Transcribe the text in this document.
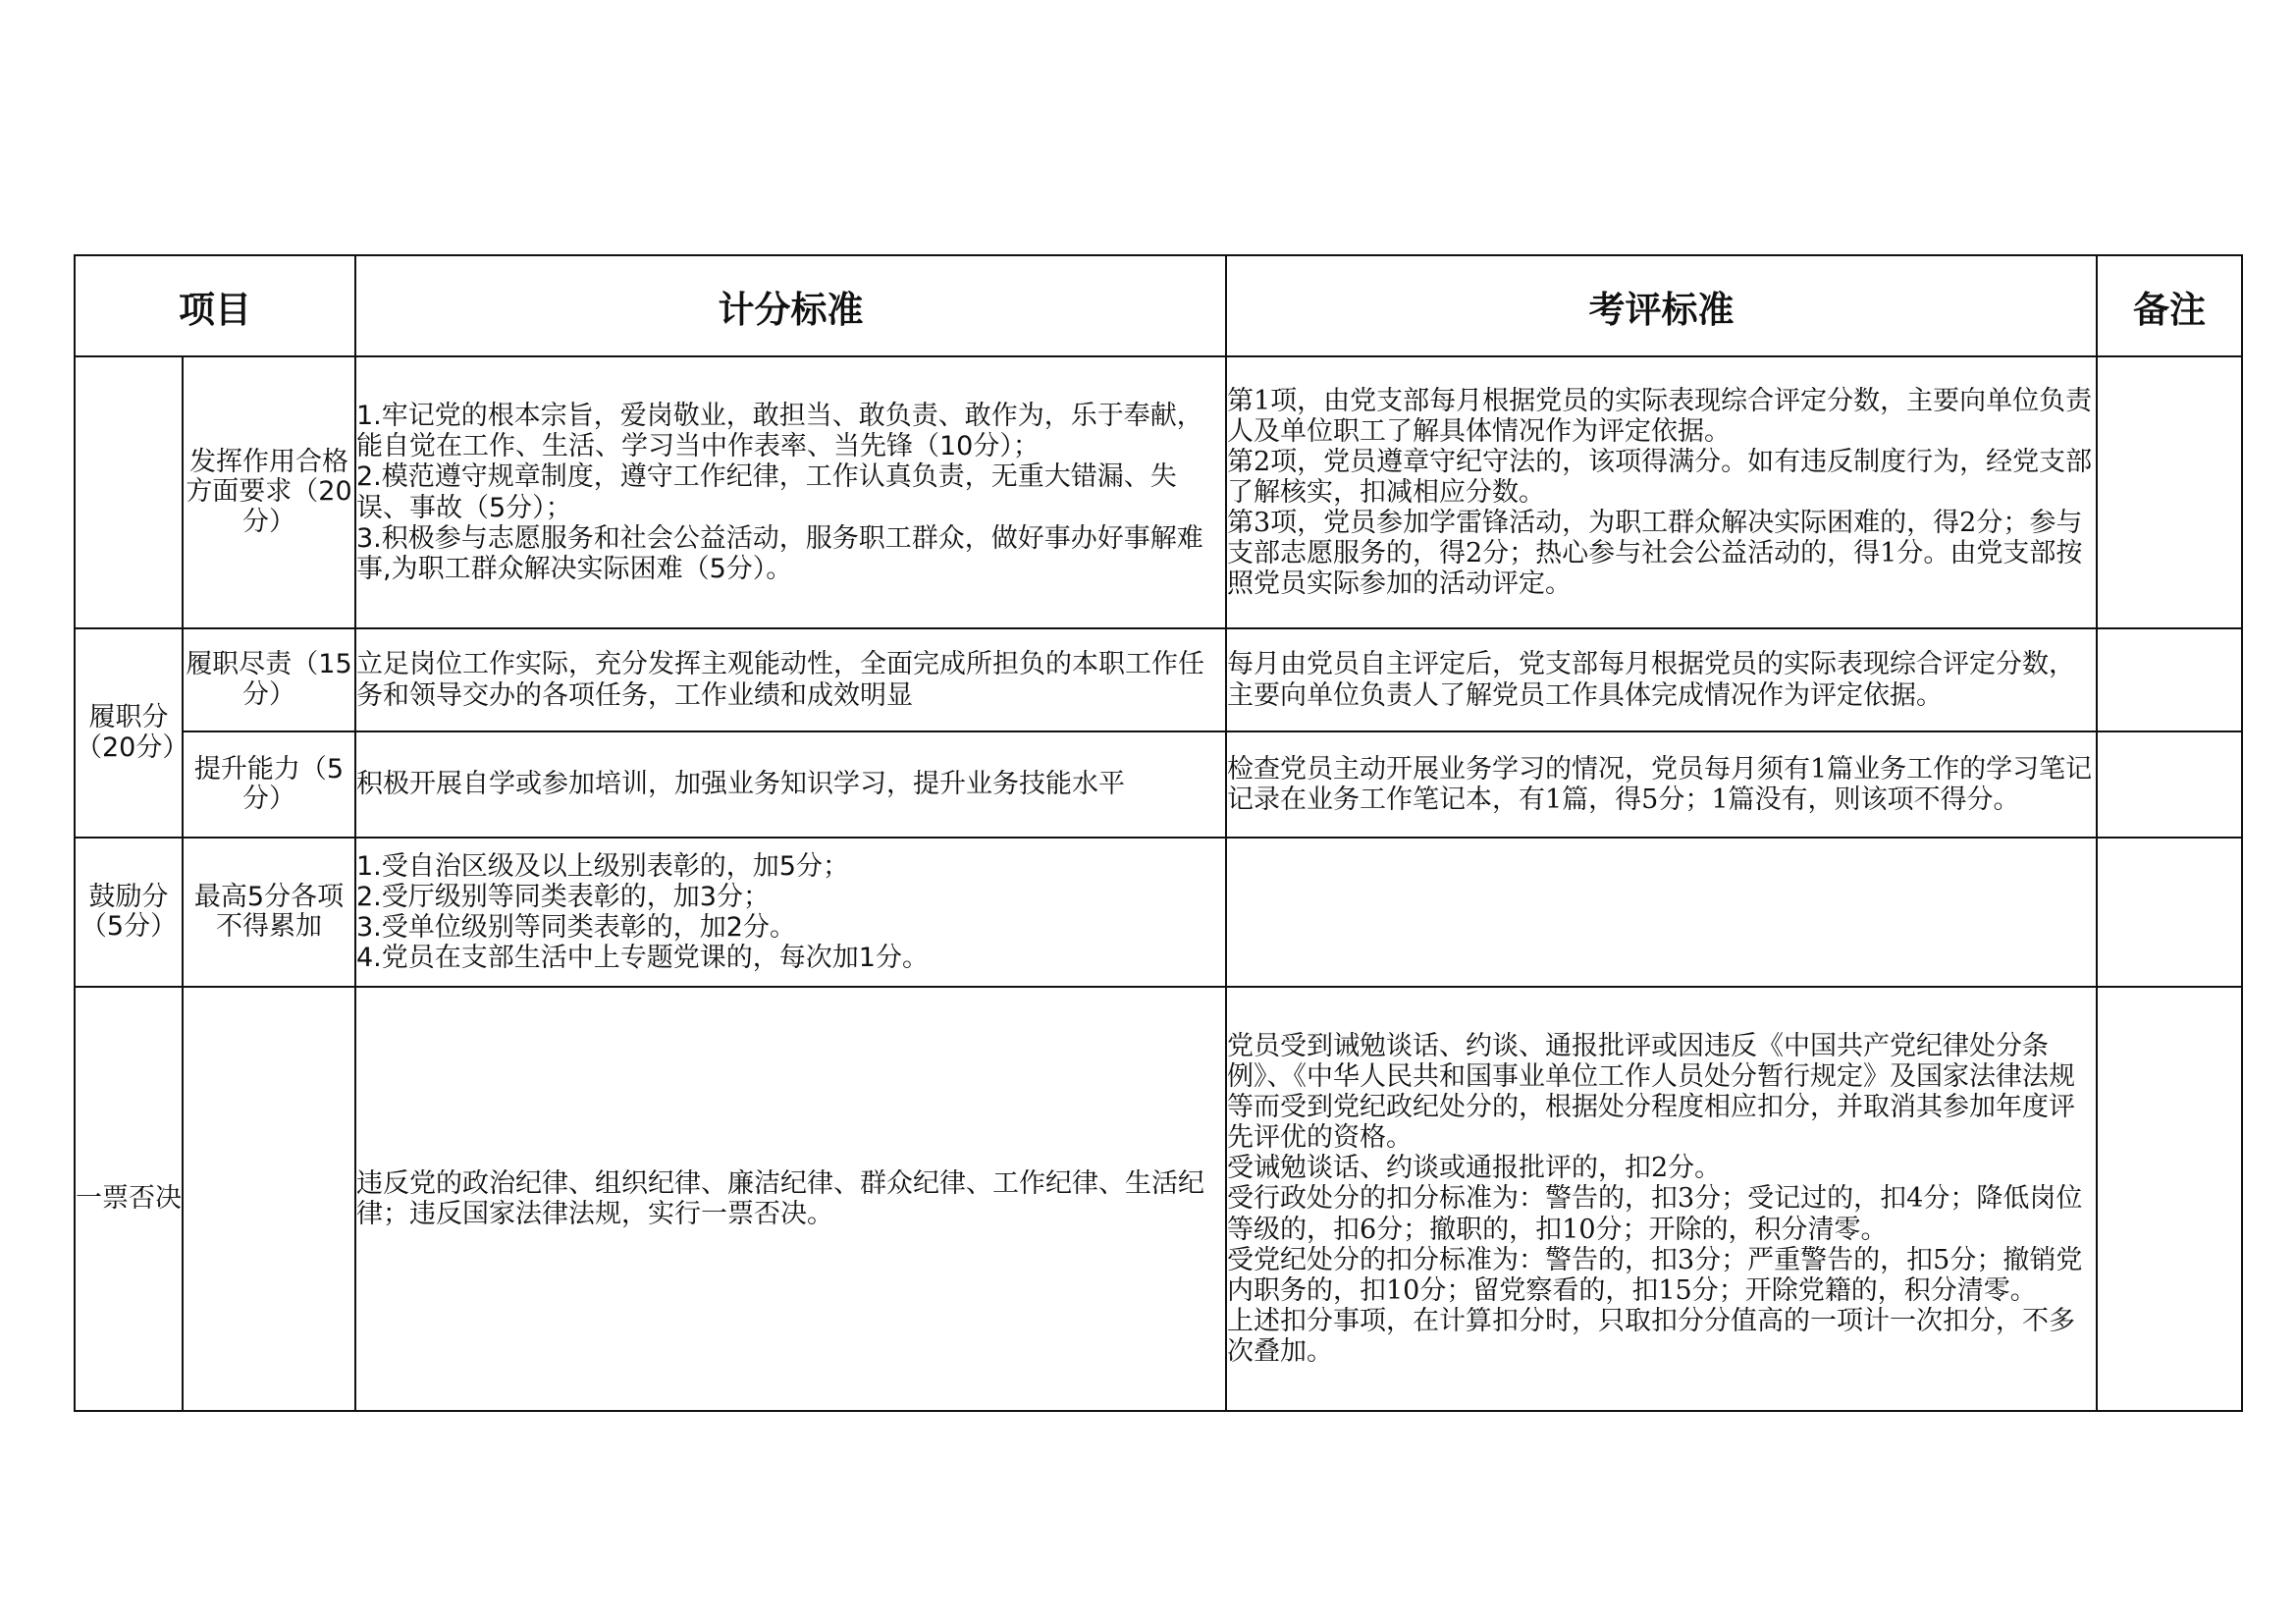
项目		计分标准	考评标准	备注
	发挥作用合格方面要求（20分）	1.牢记党的根本宗旨，爱岗敬业，敢担当、敢负责、敢作为，乐于奉献，能自觉在工作、生活、学习当中作表率、当先锋（10分）；
2.模范遵守规章制度，遵守工作纪律，工作认真负责，无重大错漏、失误、事故（5分）；
3.积极参与志愿服务和社会公益活动，服务职工群众，做好事办好事解难事,为职工群众解决实际困难（5分）。	第1项，由党支部每月根据党员的实际表现综合评定分数，主要向单位负责人及单位职工了解具体情况作为评定依据。
第2项，党员遵章守纪守法的，该项得满分。如有违反制度行为，经党支部了解核实，扣减相应分数。
第3项，党员参加学雷锋活动，为职工群众解决实际困难的，得2分；参与支部志愿服务的，得2分；热心参与社会公益活动的，得1分。由党支部按照党员实际参加的活动评定。	

履职分（20分）	履职尽责（15分）	立足岗位工作实际，充分发挥主观能动性，全面完成所担负的本职工作任务和领导交办的各项任务，工作业绩和成效明显	每月由党员自主评定后，党支部每月根据党员的实际表现综合评定分数，主要向单位负责人了解党员工作具体完成情况作为评定依据。	
	提升能力（5分）	积极开展自学或参加培训，加强业务知识学习，提升业务技能水平	检查党员主动开展业务学习的情况，党员每月须有1篇业务工作的学习笔记记录在业务工作笔记本，有1篇，得5分；1篇没有，则该项不得分。	
鼓励分（5分）	最高5分各项不得累加	1.受自治区级及以上级别表彰的，加5分；
2.受厅级别等同类表彰的，加3分；
3.受单位级别等同类表彰的，加2分。
4.党员在支部生活中上专题党课的，每次加1分。		

一票否决		违反党的政治纪律、组织纪律、廉洁纪律、群众纪律、工作纪律、生活纪律；违反国家法律法规，实行一票否决。	党员受到诫勉谈话、约谈、通报批评或因违反《中国共产党纪律处分条例》、《中华人民共和国事业单位工作人员处分暂行规定》及国家法律法规等而受到党纪政纪处分的，根据处分程度相应扣分，并取消其参加年度评先评优的资格。
受诫勉谈话、约谈或通报批评的，扣2分。
受行政处分的扣分标准为：警告的，扣3分；受记过的，扣4分；降低岗位等级的，扣6分；撤职的，扣10分；开除的，积分清零。
受党纪处分的扣分标准为：警告的，扣3分；严重警告的，扣5分；撤销党内职务的，扣10分；留党察看的，扣15分；开除党籍的，积分清零。
上述扣分事项，在计算扣分时，只取扣分分值高的一项计一次扣分，不多次叠加。	
